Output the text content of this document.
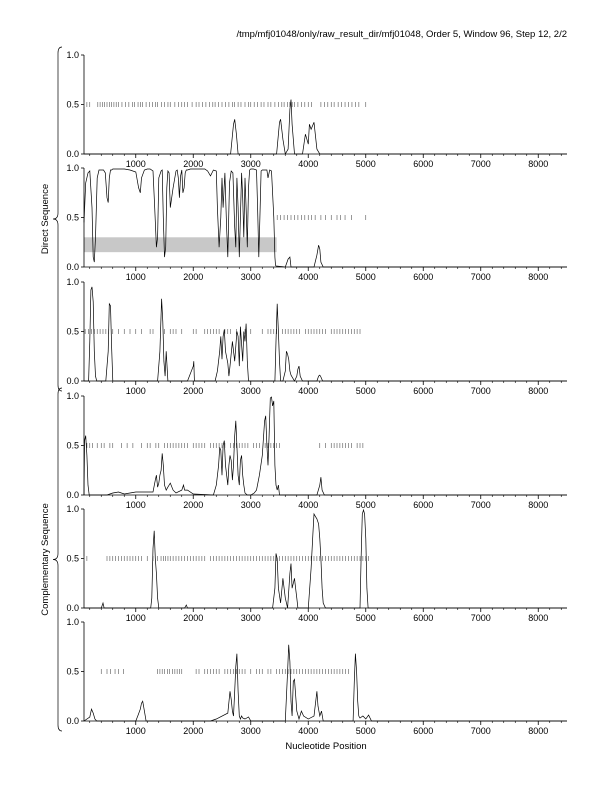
/tmp/mfj01048/only/raw_result_dir/mfj01048, Order 5, Window 96, Step 12, 2/2
0.0
0.5
1.0
1000	2000	3000	4000	5000	6000	7000	8000
0.0
0.5
1.0
1000	2000	3000	4000	5000	6000	7000	8000
0.0
0.5
1.0
1000	2000	3000	4000	5000	6000	7000	8000
0.0
0.5
1.0
1000	2000	3000	4000	5000	6000	7000	8000
0.0
0.5
1.0
1000	2000	3000	4000	5000	6000	7000	8000
0.0
0.5
1.0
1000	2000	3000	4000	5000	6000	7000	8000
Direct Sequence
Complementary Sequence
Nucleotide Position
